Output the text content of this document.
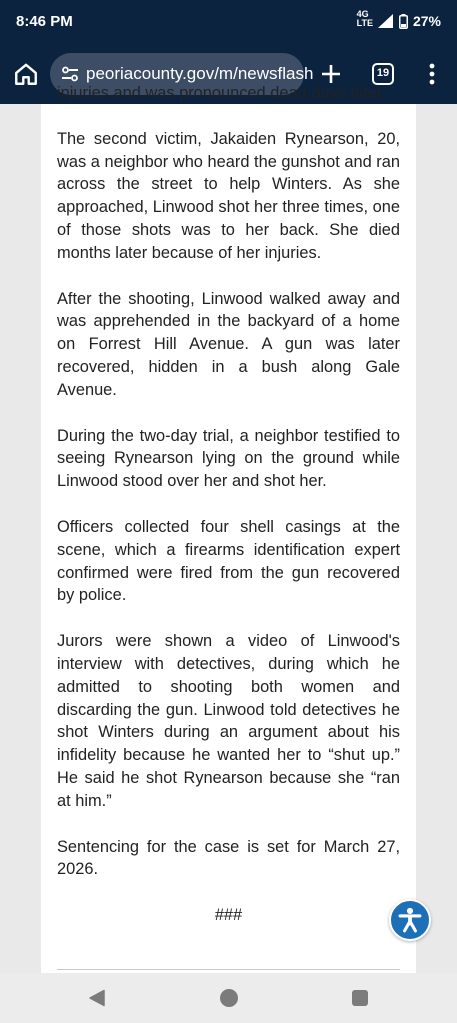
8:46 PM	4G
LTE	27%
peoriacounty.gov/m/newsflash	19

injuries and was pronounced dead days later.

The second victim, Jakaiden Rynearson, 20, was a neighbor who heard the gunshot and ran across the street to help Winters. As she approached, Linwood shot her three times, one of those shots was to her back. She died months later because of her injuries.

After the shooting, Linwood walked away and was apprehended in the backyard of a home on Forrest Hill Avenue. A gun was later recovered, hidden in a bush along Gale Avenue.

During the two-day trial, a neighbor testified to seeing Rynearson lying on the ground while Linwood stood over her and shot her.

Officers collected four shell casings at the scene, which a firearms identification expert confirmed were fired from the gun recovered by police.

Jurors were shown a video of Linwood's interview with detectives, during which he admitted to shooting both women and discarding the gun. Linwood told detectives he shot Winters during an argument about his infidelity because he wanted her to “shut up.” He said he shot Rynearson because she “ran at him.”

Sentencing for the case is set for March 27, 2026.

###
